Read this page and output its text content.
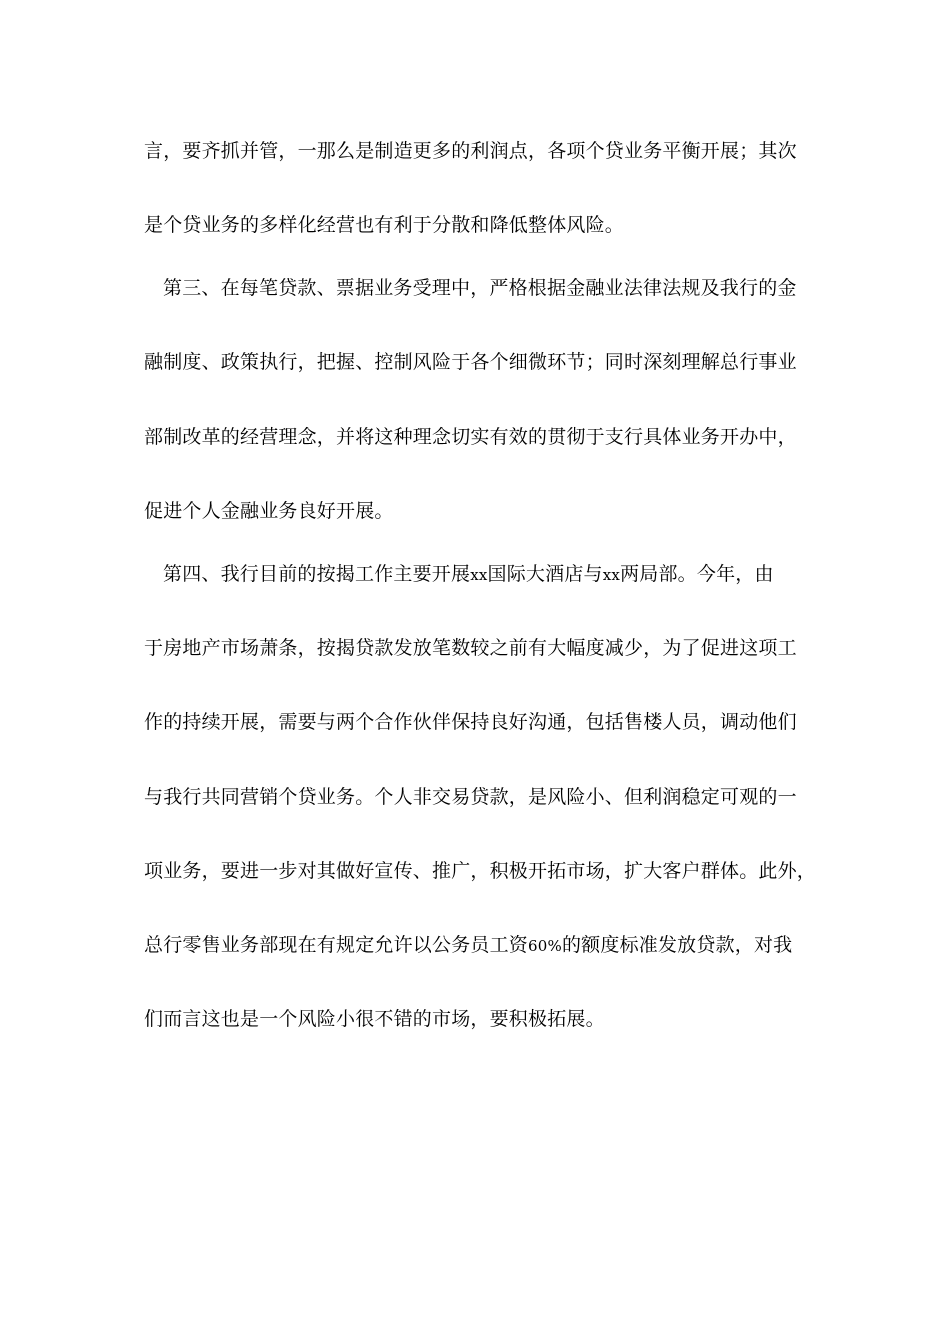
言，要齐抓并管，一那么是制造更多的利润点，各项个贷业务平衡开展；其次
是个贷业务的多样化经营也有利于分散和降低整体风险。
第三、在每笔贷款、票据业务受理中，严格根据金融业法律法规及我行的金
融制度、政策执行，把握、控制风险于各个细微环节；同时深刻理解总行事业
部制改革的经营理念，并将这种理念切实有效的贯彻于支行具体业务开办中，
促进个人金融业务良好开展。
第四、我行目前的按揭工作主要开展xx国际大酒店与xx两局部。今年，由
于房地产市场萧条，按揭贷款发放笔数较之前有大幅度减少，为了促进这项工
作的持续开展，需要与两个合作伙伴保持良好沟通，包括售楼人员，调动他们
与我行共同营销个贷业务。个人非交易贷款，是风险小、但利润稳定可观的一
项业务，要进一步对其做好宣传、推广，积极开拓市场，扩大客户群体。此外，
总行零售业务部现在有规定允许以公务员工资60%的额度标准发放贷款，对我
们而言这也是一个风险小很不错的市场，要积极拓展。
